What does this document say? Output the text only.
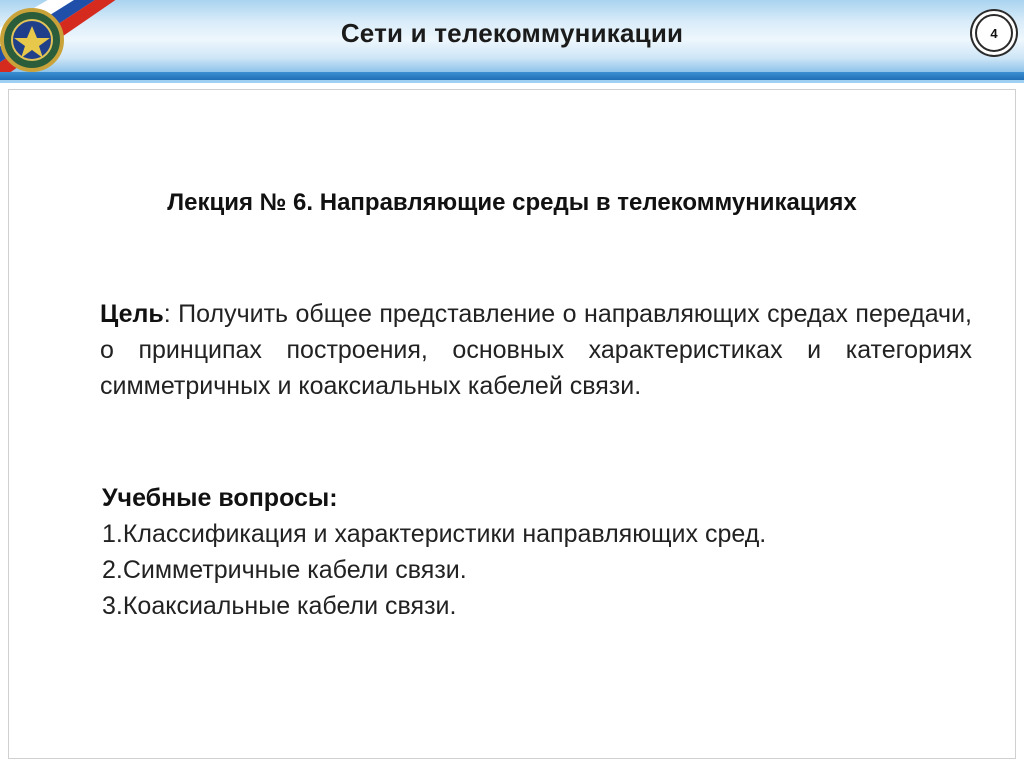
Сети и телекоммуникации	4
Лекция № 6. Направляющие среды в телекоммуникациях
Цель: Получить общее представление о направляющих средах передачи, о принципах построения, основных характеристиках и категориях симметричных и коаксиальных кабелей связи.
Учебные вопросы:
1.Классификация и характеристики направляющих сред.
2.Симметричные кабели связи.
3.Коаксиальные кабели связи.
